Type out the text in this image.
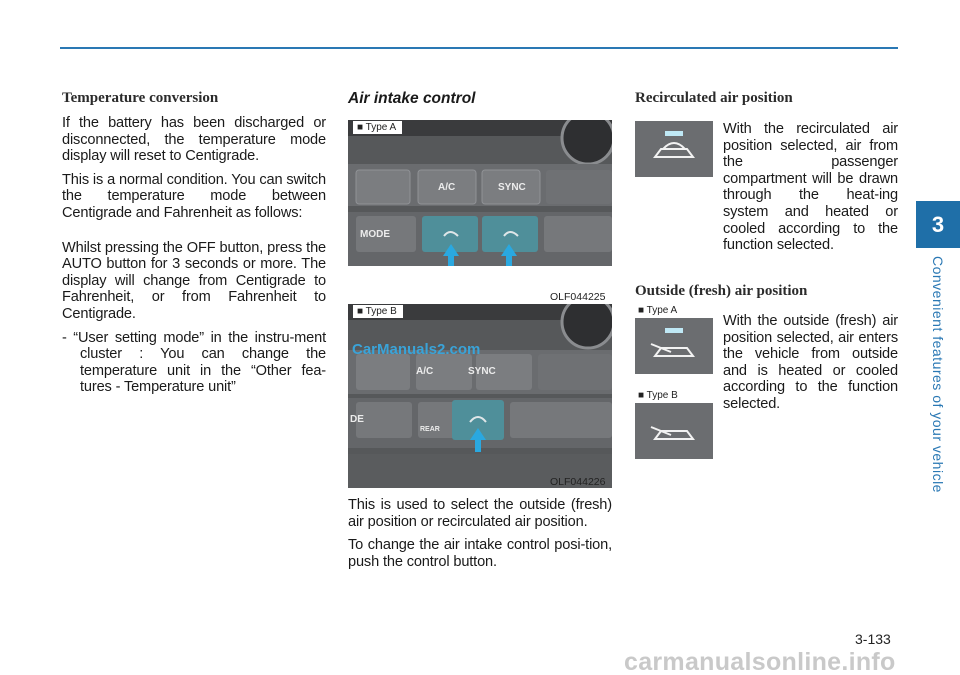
Temperature conversion
If the battery has been discharged or disconnected, the temperature mode display will reset to Centigrade.
This is a normal condition. You can switch the temperature mode between Centigrade and Fahrenheit as follows:
Whilst pressing the OFF button, press the AUTO button for 3 seconds or more. The display will change from Centigrade to Fahrenheit, or from Fahrenheit to Centigrade.
- “User setting mode” in the instru-ment cluster : You can change the temperature unit in the “Other fea-tures - Temperature unit”
Air intake control
■ Type A
A/C	SYNC
MODE
OLF044225
■ Type B
A/C	SYNC
DE
REAR
OLF044226
This is used to select the outside (fresh) air position or recirculated air position.
To change the air intake control posi-tion, push the control button.
Recirculated air position
With the recirculated air position selected, air from the passenger compartment will be drawn through the heat-ing system and heated or cooled according to the function selected.
Outside (fresh) air position
■ Type A
■ Type B
With the outside (fresh) air position selected, air enters the vehicle from outside and is heated or cooled according to the function selected.
3
Convenient features of your vehicle
3-133
CarManuals2.com
carmanualsonline.info
